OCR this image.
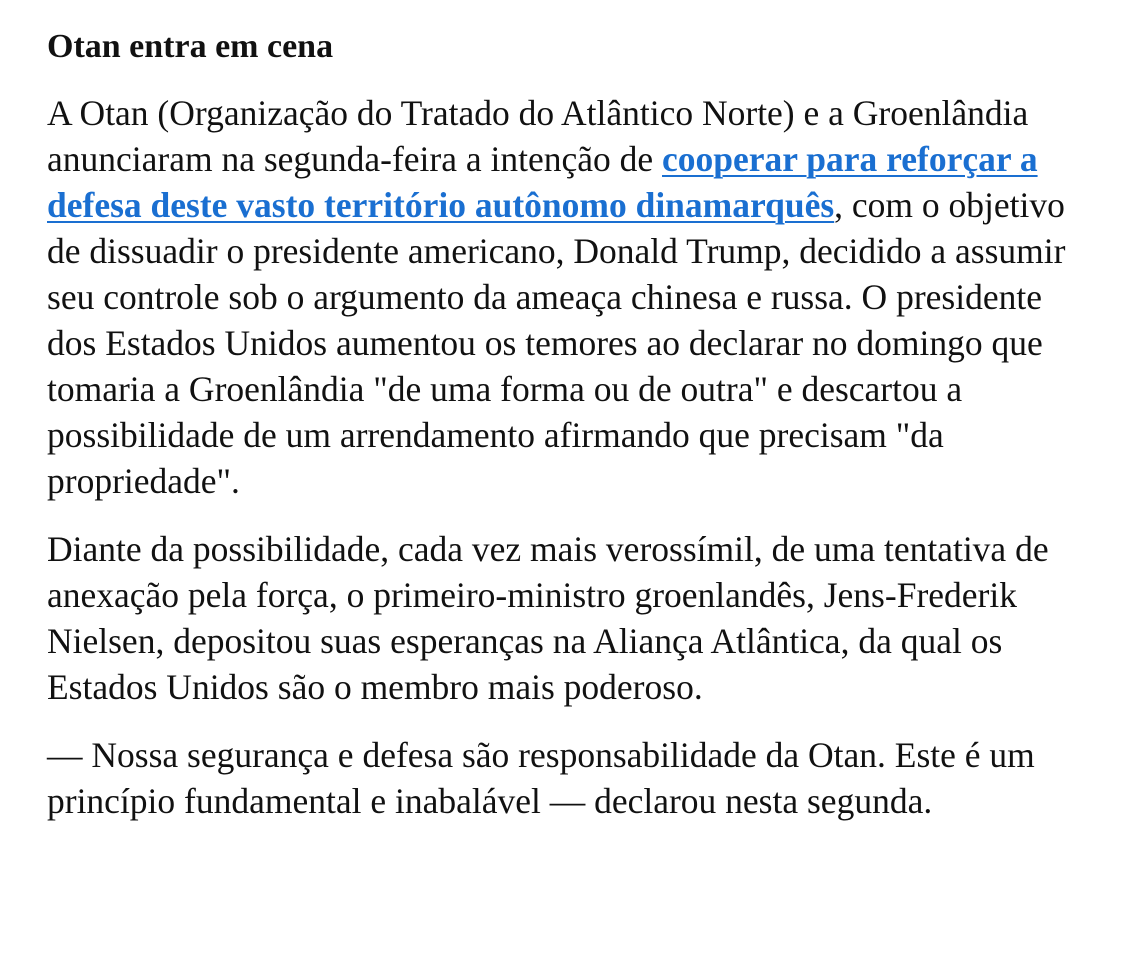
Otan entra em cena

A Otan (Organização do Tratado do Atlântico Norte) e a Groenlândia anunciaram na segunda-feira a intenção de cooperar para reforçar a defesa deste vasto território autônomo dinamarquês, com o objetivo de dissuadir o presidente americano, Donald Trump, decidido a assumir seu controle sob o argumento da ameaça chinesa e russa. O presidente dos Estados Unidos aumentou os temores ao declarar no domingo que tomaria a Groenlândia "de uma forma ou de outra" e descartou a possibilidade de um arrendamento afirmando que precisam "da propriedade".

Diante da possibilidade, cada vez mais verossímil, de uma tentativa de anexação pela força, o primeiro-ministro groenlandês, Jens-Frederik Nielsen, depositou suas esperanças na Aliança Atlântica, da qual os Estados Unidos são o membro mais poderoso.

— Nossa segurança e defesa são responsabilidade da Otan. Este é um princípio fundamental e inabalável — declarou nesta segunda.
